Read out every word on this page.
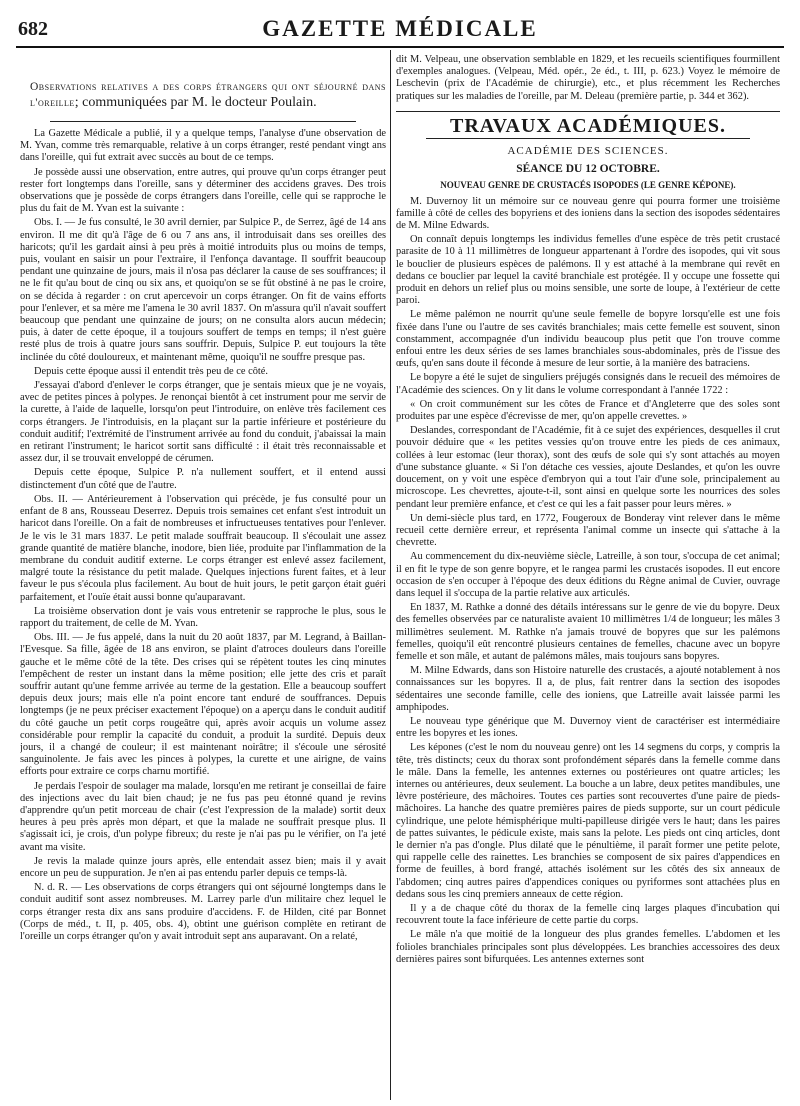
682	GAZETTE MÉDICALE

Observations relatives a des corps étrangers qui ont séjourné dans l'oreille; communiquées par M. le docteur Poulain.

La Gazette Médicale a publié, il y a quelque temps, l'analyse d'une observation de M. Yvan, comme très remarquable, relative à un corps étranger, resté pendant vingt ans dans l'oreille, qui fut extrait avec succès au bout de ce temps.

Je possède aussi une observation, entre autres, qui prouve qu'un corps étranger peut rester fort longtemps dans l'oreille, sans y déterminer des accidens graves. Des trois observations que je possède de corps étrangers dans l'oreille, celle qui se rapproche le plus du fait de M. Yvan est la suivante :

Obs. I. — Je fus consulté, le 30 avril dernier, par Sulpice P., de Serrez, âgé de 14 ans environ. Il me dit qu'à l'âge de 6 ou 7 ans ans, il introduisait dans ses oreilles des haricots; qu'il les gardait ainsi à peu près à moitié introduits plus ou moins de temps, puis, voulant en saisir un pour l'extraire, il l'enfonça davantage. Il souffrit beaucoup pendant une quinzaine de jours, mais il n'osa pas déclarer la cause de ses souffrances; il ne le fit qu'au bout de cinq ou six ans, et quoiqu'on se se fût obstiné à ne pas le croire, on se décida à regarder : on crut apercevoir un corps étranger. On fit de vains efforts pour l'enlever, et sa mère me l'amena le 30 avril 1837. On m'assura qu'il n'avait souffert beaucoup que pendant une quinzaine de jours; on ne consulta alors aucun médecin; puis, à dater de cette époque, il a toujours souffert de temps en temps; il n'est guère resté plus de trois à quatre jours sans souffrir. Depuis, Sulpice P. eut toujours la tête inclinée du côté douloureux, et maintenant même, quoiqu'il ne souffre presque pas.

Depuis cette époque aussi il entendit très peu de ce côté.

J'essayai d'abord d'enlever le corps étranger, que je sentais mieux que je ne voyais, avec de petites pinces à polypes. Je renonçai bientôt à cet instrument pour me servir de la curette, à l'aide de laquelle, lorsqu'on peut l'introduire, on enlève très facilement ces corps étrangers. Je l'introduisis, en la plaçant sur la partie inférieure et postérieure du conduit auditif; l'extrémité de l'instrument arrivée au fond du conduit, j'abaissai la main en retirant l'instrument; le haricot sortit sans difficulté : il était très reconnaissable et assez dur, il se trouvait enveloppé de cérumen.

Depuis cette époque, Sulpice P. n'a nullement souffert, et il entend aussi distinctement d'un côté que de l'autre.

Obs. II. — Antérieurement à l'observation qui précède, je fus consulté pour un enfant de 8 ans, Rousseau Deserrez. Depuis trois semaines cet enfant s'est introduit un haricot dans l'oreille. On a fait de nombreuses et infructueuses tentatives pour l'enlever. Je le vis le 31 mars 1837. Le petit malade souffrait beaucoup. Il s'écoulait une assez grande quantité de matière blanche, inodore, bien liée, produite par l'inflammation de la membrane du conduit auditif externe. Le corps étranger est enlevé assez facilement, malgré toute la résistance du petit malade. Quelques injections furent faites, et à leur faveur le pus s'écoula plus facilement. Au bout de huit jours, le petit garçon était guéri parfaitement, et l'ouïe était aussi bonne qu'auparavant.

La troisième observation dont je vais vous entretenir se rapproche le plus, sous le rapport du traitement, de celle de M. Yvan.

Obs. III. — Je fus appelé, dans la nuit du 20 août 1837, par M. Legrand, à Baillan-l'Evesque. Sa fille, âgée de 18 ans environ, se plaint d'atroces douleurs dans l'oreille gauche et le même côté de la tête. Des crises qui se répètent toutes les cinq minutes l'empêchent de rester un instant dans la même position; elle jette des cris et paraît souffrir autant qu'une femme arrivée au terme de la gestation. Elle a beaucoup souffert depuis deux jours; mais elle n'a point encore tant enduré de souffrances. Depuis longtemps (je ne peux préciser exactement l'époque) on a aperçu dans le conduit auditif du côté gauche un petit corps rougeâtre qui, après avoir acquis un volume assez considérable pour remplir la capacité du conduit, a produit la surdité. Depuis deux jours, il a changé de couleur; il est maintenant noirâtre; il s'écoule une sérosité sanguinolente. Je fais avec les pinces à polypes, la curette et une airigne, de vains efforts pour extraire ce corps charnu mortifié.

Je perdais l'espoir de soulager ma malade, lorsqu'en me retirant je conseillai de faire des injections avec du lait bien chaud; je ne fus pas peu étonné quand je revins d'apprendre qu'un petit morceau de chair (c'est l'expression de la malade) sortit deux heures à peu près après mon départ, et que la malade ne souffrait presque plus. Il s'agissait ici, je crois, d'un polype fibreux; du reste je n'ai pas pu le vérifier, on l'a jeté avant ma visite.

Je revis la malade quinze jours après, elle entendait assez bien; mais il y avait encore un peu de suppuration. Je n'en ai pas entendu parler depuis ce temps-là.

N. d. R. — Les observations de corps étrangers qui ont séjourné longtemps dans le conduit auditif sont assez nombreuses. M. Larrey parle d'un militaire chez lequel le corps étranger resta dix ans sans produire d'accidens. F. de Hilden, cité par Bonnet (Corps de méd., t. II, p. 405, obs. 4), obtint une guérison complète en retirant de l'oreille un corps étranger qu'on y avait introduit sept ans auparavant. On a relaté,

dit M. Velpeau, une observation semblable en 1829, et les recueils scientifiques fourmillent d'exemples analogues. (Velpeau, Méd. opér., 2e éd., t. III, p. 623.) Voyez le mémoire de Leschevin (prix de l'Académie de chirurgie), etc., et plus récemment les Recherches pratiques sur les maladies de l'oreille, par M. Deleau (première partie, p. 344 et 362).

TRAVAUX ACADÉMIQUES.

ACADÉMIE DES SCIENCES.

SÉANCE DU 12 OCTOBRE.

NOUVEAU GENRE DE CRUSTACÉS ISOPODES (LE GENRE KÉPONE).

M. Duvernoy lit un mémoire sur ce nouveau genre qui pourra former une troisième famille à côté de celles des bopyriens et des ioniens dans la section des isopodes sédentaires de M. Milne Edwards.

On connaît depuis longtemps les individus femelles d'une espèce de très petit crustacé parasite de 10 à 11 millimètres de longueur appartenant à l'ordre des isopodes, qui vit sous le bouclier de plusieurs espèces de palémons. Il y est attaché à la membrane qui revêt en dedans ce bouclier par lequel la cavité branchiale est protégée. Il y occupe une fossette qui produit en dehors un relief plus ou moins sensible, une sorte de loupe, à l'extérieur de cette paroi.

Le même palémon ne nourrit qu'une seule femelle de bopyre lorsqu'elle est une fois fixée dans l'une ou l'autre de ses cavités branchiales; mais cette femelle est souvent, sinon constamment, accompagnée d'un individu beaucoup plus petit que l'on trouve comme enfoui entre les deux séries de ses lames branchiales sous-abdominales, près de l'issue des œufs, qu'en sans doute il féconde à mesure de leur sortie, à la manière des batraciens.

Le bopyre a été le sujet de singuliers préjugés consignés dans le recueil des mémoires de l'Académie des sciences. On y lit dans le volume correspondant à l'année 1722 :

« On croit communément sur les côtes de France et d'Angleterre que des soles sont produites par une espèce d'écrevisse de mer, qu'on appelle crevettes. »

Deslandes, correspondant de l'Académie, fit à ce sujet des expériences, desquelles il crut pouvoir déduire que « les petites vessies qu'on trouve entre les pieds de ces animaux, collées à leur estomac (leur thorax), sont des œufs de sole qui s'y sont attachés au moyen d'une substance gluante. « Si l'on détache ces vessies, ajoute Deslandes, et qu'on les ouvre doucement, on y voit une espèce d'embryon qui a tout l'air d'une sole, principalement au microscope. Les chevrettes, ajoute-t-il, sont ainsi en quelque sorte les nourrices des soles pendant leur première enfance, et c'est ce qui les a fait passer pour leurs mères. »

Un demi-siècle plus tard, en 1772, Fougeroux de Bonderay vint relever dans le même recueil cette dernière erreur, et représenta l'animal comme un insecte qui s'attache à la chevrette.

Au commencement du dix-neuvième siècle, Latreille, à son tour, s'occupa de cet animal; il en fit le type de son genre bopyre, et le rangea parmi les crustacés isopodes. Il eut encore occasion de s'en occuper à l'époque des deux éditions du Règne animal de Cuvier, ouvrage dans lequel il s'occupa de la partie relative aux articulés.

En 1837, M. Rathke a donné des détails intéressans sur le genre de vie du bopyre. Deux des femelles observées par ce naturaliste avaient 10 millimètres 1/4 de longueur; les mâles 3 millimètres seulement. M. Rathke n'a jamais trouvé de bopyres que sur les palémons femelles, quoiqu'il eût rencontré plusieurs centaines de femelles, chacune avec un bopyre femelle et son mâle, et autant de palémons mâles, mais toujours sans bopyres.

M. Milne Edwards, dans son Histoire naturelle des crustacés, a ajouté notablement à nos connaissances sur les bopyres. Il a, de plus, fait rentrer dans la section des isopodes sédentaires une seconde famille, celle des ioniens, que Latreille avait laissée parmi les amphipodes.

Le nouveau type générique que M. Duvernoy vient de caractériser est intermédiaire entre les bopyres et les iones.

Les képones (c'est le nom du nouveau genre) ont les 14 segmens du corps, y compris la tête, très distincts; ceux du thorax sont profondément séparés dans la femelle comme dans le mâle. Dans la femelle, les antennes externes ou postérieures ont quatre articles; les internes ou antérieures, deux seulement. La bouche a un labre, deux petites mandibules, une lèvre postérieure, des mâchoires. Toutes ces parties sont recouvertes d'une paire de pieds-mâchoires. La hanche des quatre premières paires de pieds supporte, sur un court pédicule cylindrique, une pelote hémisphérique multi-papilleuse dirigée vers le haut; dans les paires de pattes suivantes, le pédicule existe, mais sans la pelote. Les pieds ont cinq articles, dont le dernier n'a pas d'ongle. Plus dilaté que le pénultième, il paraît former une petite pelote, qui rappelle celle des rainettes. Les branchies se composent de six paires d'appendices en forme de feuilles, à bord frangé, attachés isolément sur les côtés des six anneaux de l'abdomen; cinq autres paires d'appendices coniques ou pyriformes sont attachées plus en dedans sous les cinq premiers anneaux de cette région.

Il y a de chaque côté du thorax de la femelle cinq larges plaques d'incubation qui recouvrent toute la face inférieure de cette partie du corps.

Le mâle n'a que moitié de la longueur des plus grandes femelles. L'abdomen et les folioles branchiales principales sont plus développées. Les branchies accessoires des deux dernières paires sont bifurquées. Les antennes externes sont
